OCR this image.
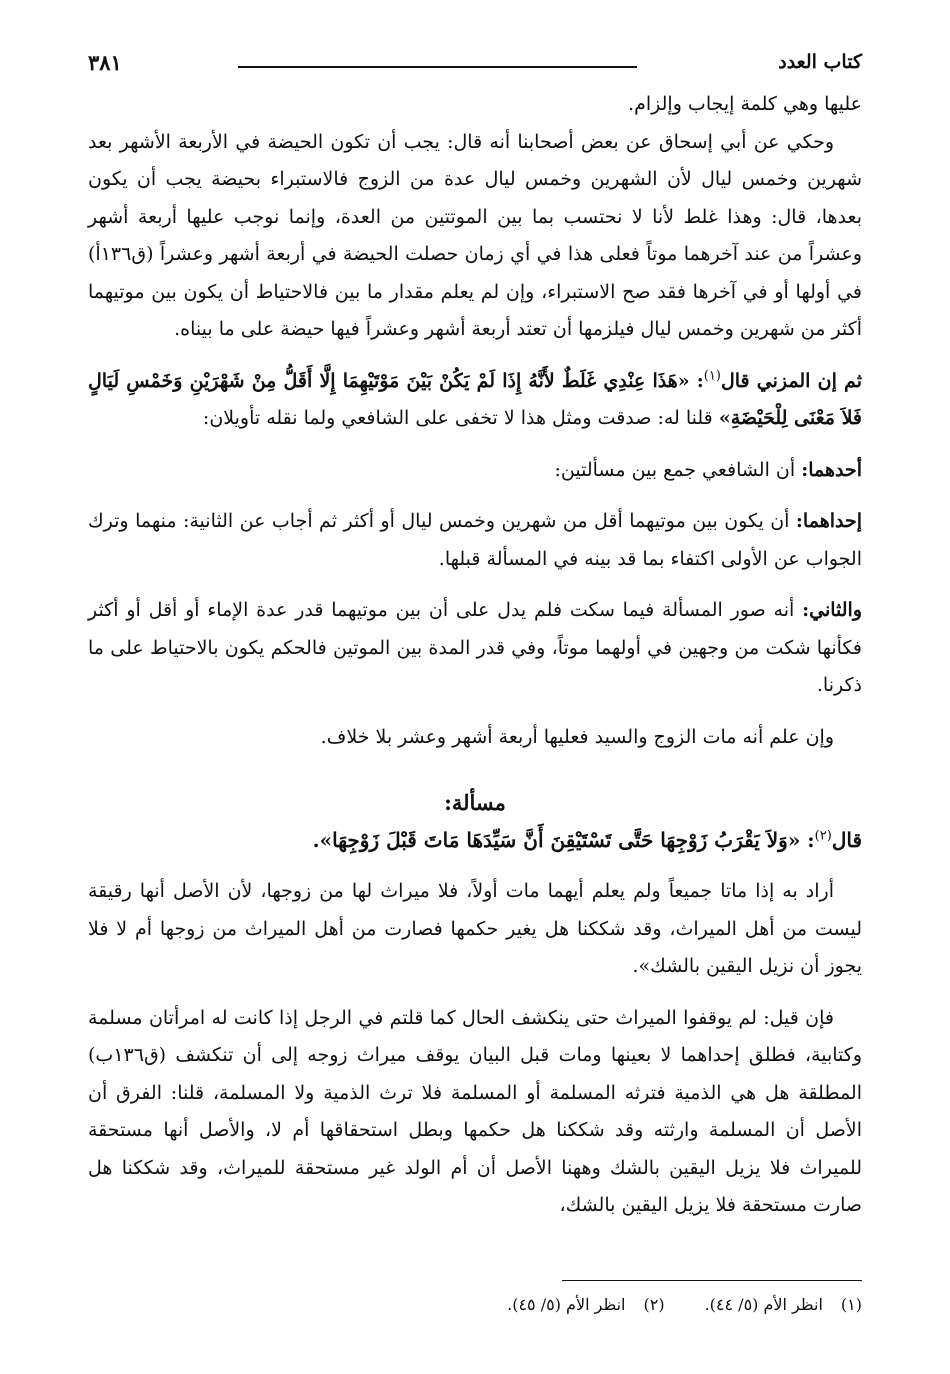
كتاب العدد
٣٨١

عليها وهي كلمة إيجاب وإلزام.

وحكي عن أبي إسحاق عن بعض أصحابنا أنه قال: يجب أن تكون الحيضة في الأربعة الأشهر بعد شهرين وخمس ليال لأن الشهرين وخمس ليال عدة من الزوج فالاستبراء بحيضة يجب أن يكون بعدها، قال: وهذا غلط لأنا لا نحتسب بما بين الموتتين من العدة، وإنما نوجب عليها أربعة أشهر وعشراً من عند آخرهما موتاً فعلى هذا في أي زمان حصلت الحيضة في أربعة أشهر وعشراً (ق١٣٦أ) في أولها أو في آخرها فقد صح الاستبراء، وإن لم يعلم مقدار ما بين فالاحتياط أن يكون بين موتيهما أكثر من شهرين وخمس ليال فيلزمها أن تعتد أربعة أشهر وعشراً فيها حيضة على ما بيناه.

ثم إن المزني قال$^{(١)}$: «هَذَا عِنْدِي غَلَطٌ لأَنَّهُ إِذَا لَمْ يَكُنْ بَيْنَ مَوْتَيْهِمَا إِلَّا أَقَلُّ مِنْ شَهْرَيْنِ وَخَمْسِ لَيَالٍ فَلاَ مَعْنَى لِلْحَيْضَةِ» قلنا له: صدقت ومثل هذا لا تخفى على الشافعي ولما نقله تأويلان:

أحدهما: أن الشافعي جمع بين مسألتين:

إحداهما: أن يكون بين موتيهما أقل من شهرين وخمس ليال أو أكثر ثم أجاب عن الثانية: منهما وترك الجواب عن الأولى اكتفاء بما قد بينه في المسألة قبلها.

والثاني: أنه صور المسألة فيما سكت فلم يدل على أن بين موتيهما قدر عدة الإماء أو أقل أو أكثر فكأنها شكت من وجهين في أولهما موتاً، وفي قدر المدة بين الموتين فالحكم يكون بالاحتياط على ما ذكرنا.

وإن علم أنه مات الزوج والسيد فعليها أربعة أشهر وعشر بلا خلاف.

مسألة:

قال$^{(٢)}$: «وَلاَ يَقْرَبُ زَوْجِهَا حَتَّى تَسْتَيْقِنَ أَنَّ سَيِّدَهَا مَاتَ قَبْلَ زَوْجِهَا».

أراد به إذا ماتا جميعاً ولم يعلم أيهما مات أولاً، فلا ميراث لها من زوجها، لأن الأصل أنها رقيقة ليست من أهل الميراث، وقد شككنا هل يغير حكمها فصارت من أهل الميراث من زوجها أم لا فلا يجوز أن نزيل اليقين بالشك».

فإن قيل: لم يوقفوا الميراث حتى ينكشف الحال كما قلتم في الرجل إذا كانت له امرأتان مسلمة وكتابية، فطلق إحداهما لا بعينها ومات قبل البيان يوقف ميراث زوجه إلى أن تنكشف (ق١٣٦ب) المطلقة هل هي الذمية فترثه المسلمة أو المسلمة فلا ترث الذمية ولا المسلمة، قلنا: الفرق أن الأصل أن المسلمة وارثته وقد شككنا هل حكمها وبطل استحقاقها أم لا، والأصل أنها مستحقة للميراث فلا يزيل اليقين بالشك وههنا الأصل أن أم الولد غير مستحقة للميراث، وقد شككنا هل صارت مستحقة فلا يزيل اليقين بالشك،

(١)
انظر الأم (٥/ ٤٤).
(٢)
انظر الأم (٥/ ٤٥).
